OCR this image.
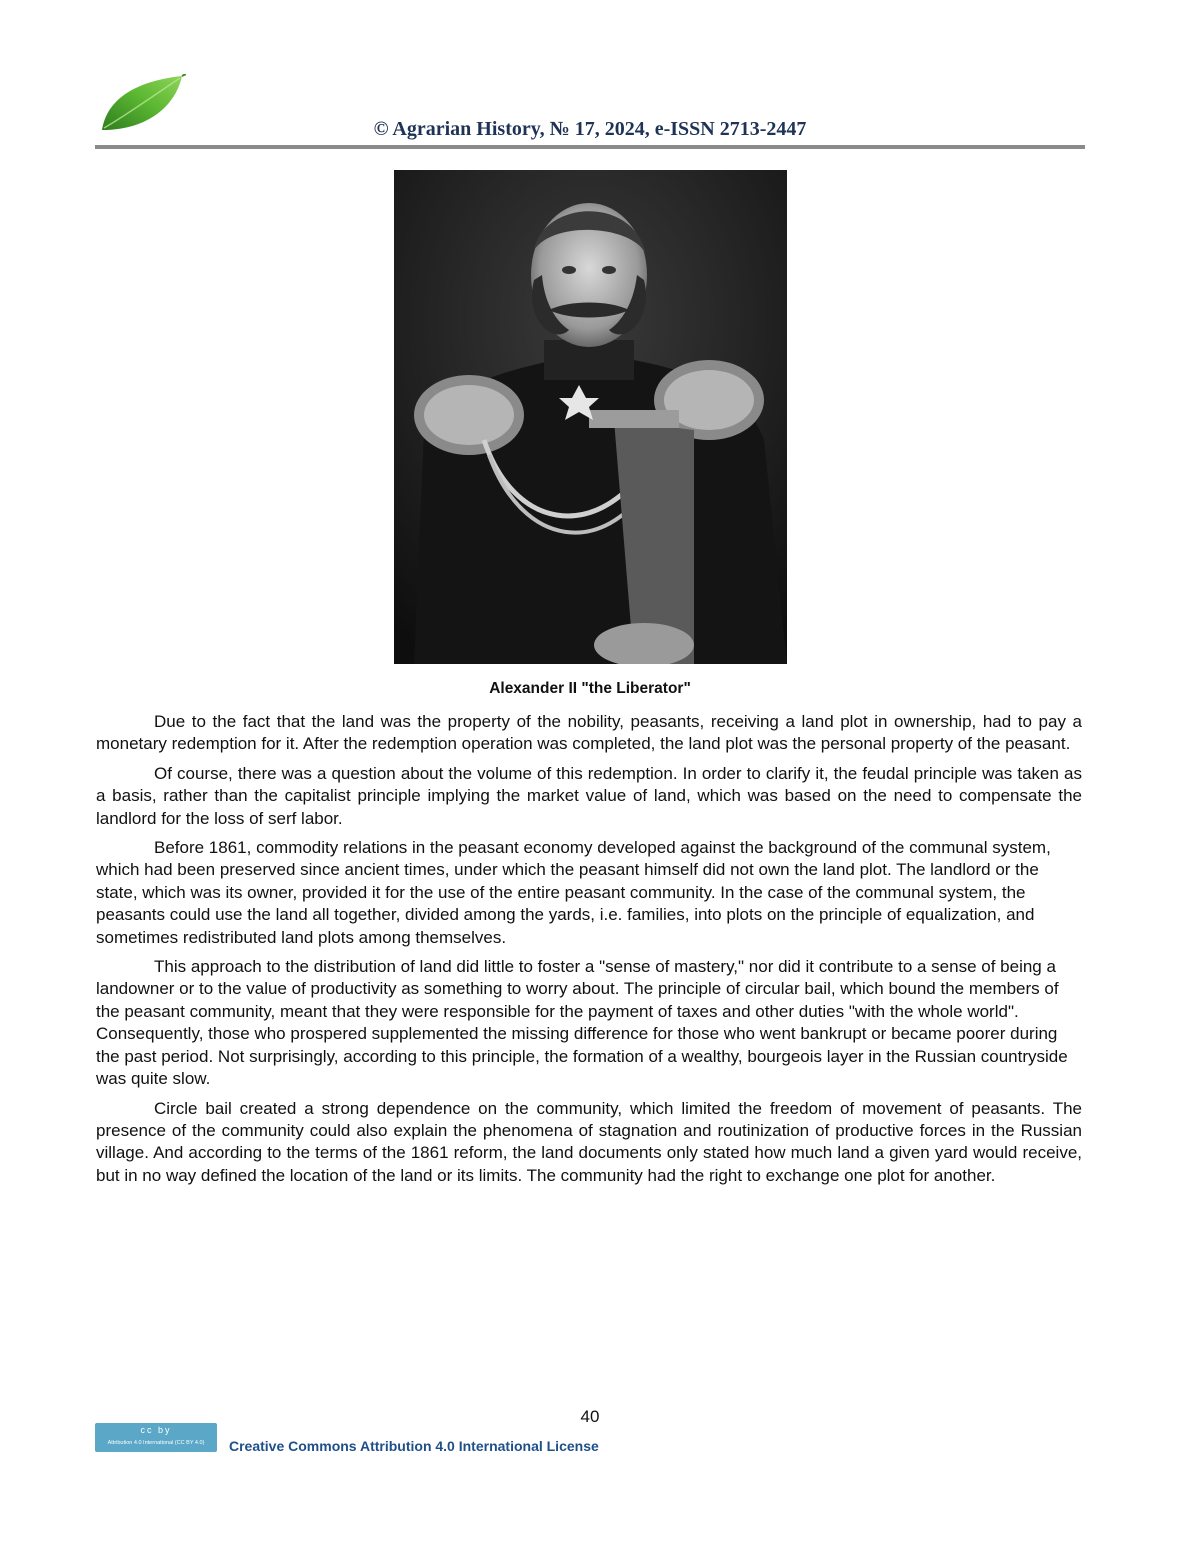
© Agrarian History, № 17, 2024, e-ISSN 2713-2447
Alexander II "the Liberator"

Due to the fact that the land was the property of the nobility, peasants, receiving a land plot in ownership, had to pay a monetary redemption for it. After the redemption operation was completed, the land plot was the personal property of the peasant.

Of course, there was a question about the volume of this redemption. In order to clarify it, the feudal principle was taken as a basis, rather than the capitalist principle implying the market value of land, which was based on the need to compensate the landlord for the loss of serf labor.

Before 1861, commodity relations in the peasant economy developed against the background of the communal system, which had been preserved since ancient times, under which the peasant himself did not own the land plot. The landlord or the state, which was its owner, provided it for the use of the entire peasant community. In the case of the communal system, the peasants could use the land all together, divided among the yards, i.e. families, into plots on the principle of equalization, and sometimes redistributed land plots among themselves.

This approach to the distribution of land did little to foster a "sense of mastery," nor did it contribute to a sense of being a landowner or to the value of productivity as something to worry about. The principle of circular bail, which bound the members of the peasant community, meant that they were responsible for the payment of taxes and other duties "with the whole world". Consequently, those who prospered supplemented the missing difference for those who went bankrupt or became poorer during the past period. Not surprisingly, according to this principle, the formation of a wealthy, bourgeois layer in the Russian countryside was quite slow.

Circle bail created a strong dependence on the community, which limited the freedom of movement of peasants. The presence of the community could also explain the phenomena of stagnation and routinization of productive forces in the Russian village. And according to the terms of the 1861 reform, the land documents only stated how much land a given yard would receive, but in no way defined the location of the land or its limits. The community had the right to exchange one plot for another.

40
cc by
Attribution 4.0 International (CC BY 4.0)	Creative Commons Attribution 4.0 International License
